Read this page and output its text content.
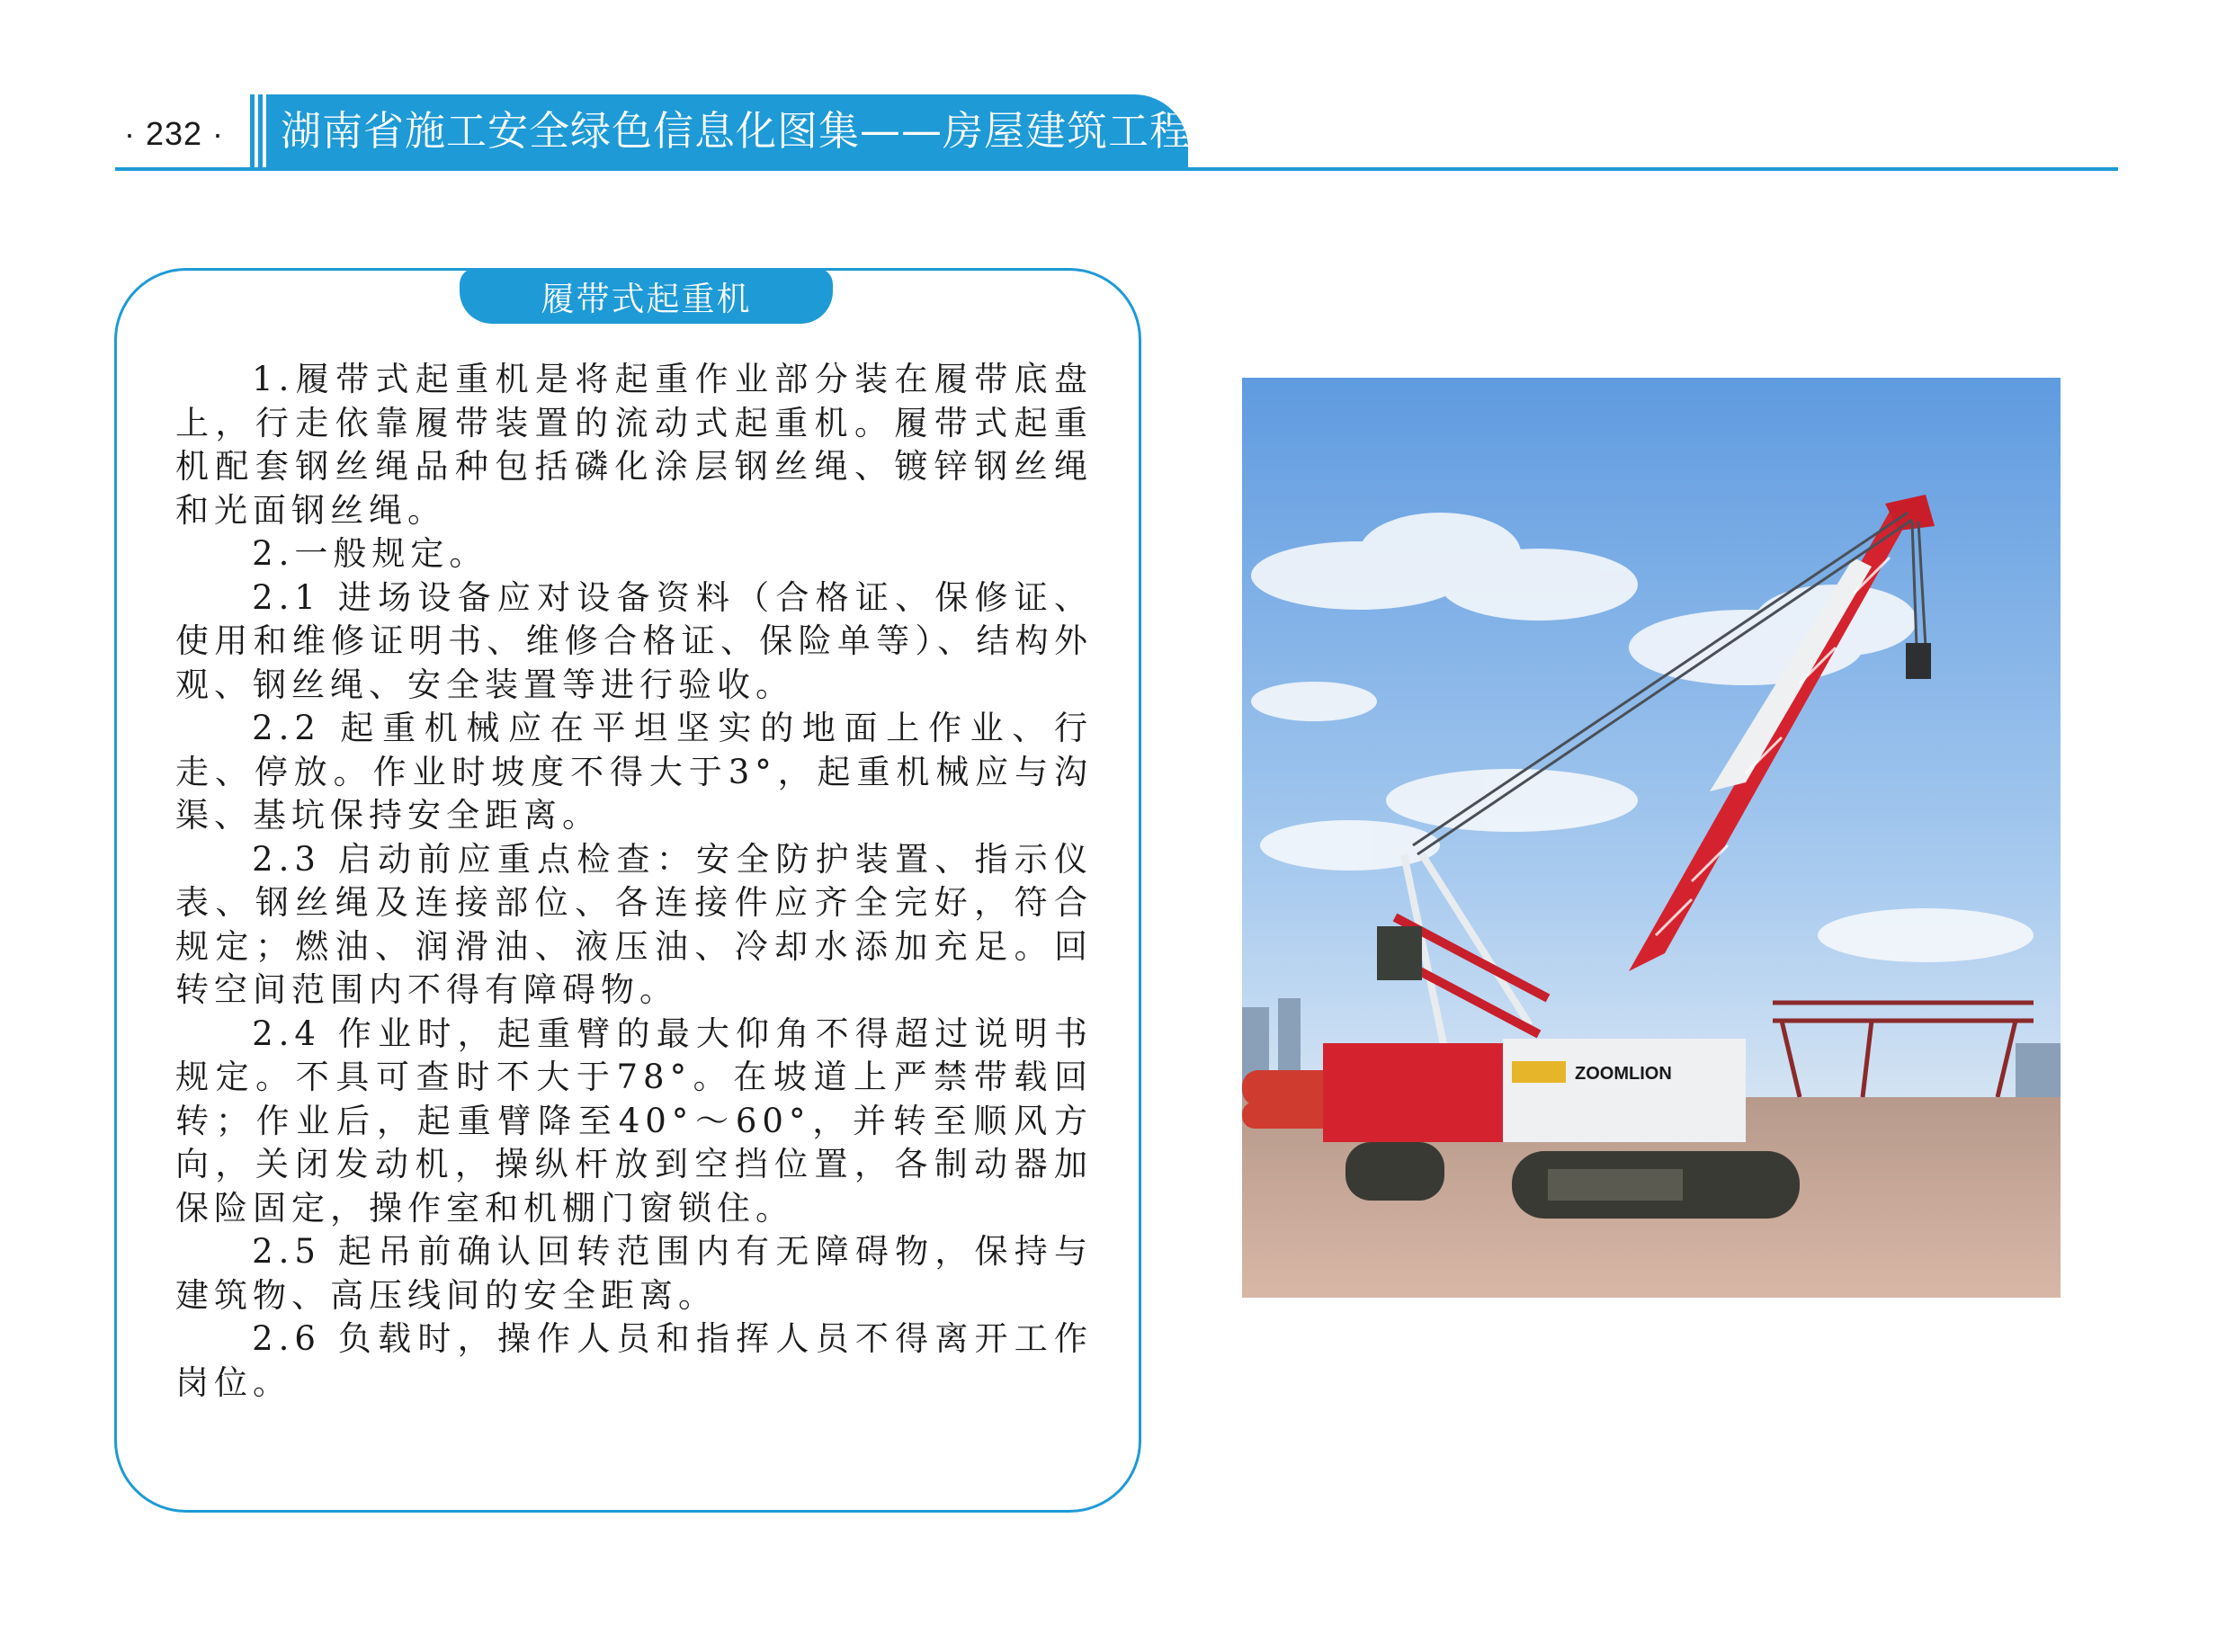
· 232 · 湖南省施工安全绿色信息化图集——房屋建筑工程
履带式起重机

1.履带式起重机是将起重作业部分装在履带底盘上，行走依靠履带装置的流动式起重机。履带式起重机配套钢丝绳品种包括磷化涂层钢丝绳、镀锌钢丝绳和光面钢丝绳。

2.一般规定。

2.1 进场设备应对设备资料（合格证、保修证、使用和维修证明书、维修合格证、保险单等）、结构外观、钢丝绳、安全装置等进行验收。

2.2 起重机械应在平坦坚实的地面上作业、行走、停放。作业时坡度不得大于3°，起重机械应与沟渠、基坑保持安全距离。

2.3 启动前应重点检查：安全防护装置、指示仪表、钢丝绳及连接部位、各连接件应齐全完好，符合规定；燃油、润滑油、液压油、冷却水添加充足。回转空间范围内不得有障碍物。

2.4 作业时，起重臂的最大仰角不得超过说明书规定。不具可查时不大于78°。在坡道上严禁带载回转；作业后，起重臂降至40°～60°，并转至顺风方向，关闭发动机，操纵杆放到空挡位置，各制动器加保险固定，操作室和机棚门窗锁住。

2.5 起吊前确认回转范围内有无障碍物，保持与建筑物、高压线间的安全距离。

2.6 负载时，操作人员和指挥人员不得离开工作岗位。

ZOOMLION
